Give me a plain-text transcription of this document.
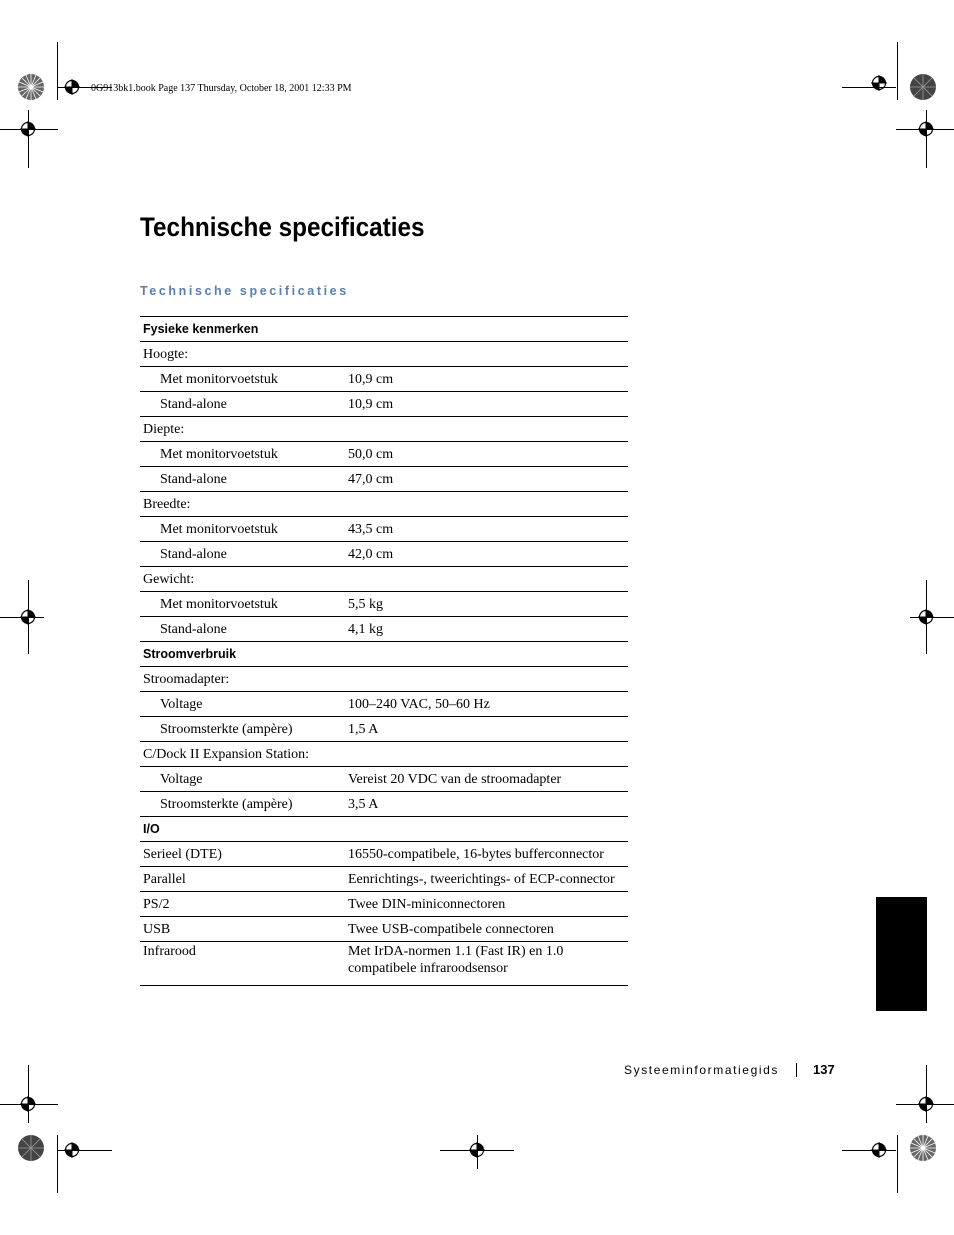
0G913bk1.book Page 137 Thursday, October 18, 2001 12:33 PM
Technische specificaties
Technische specificaties
Fysieke kenmerken	
Hoogte:	
Met monitorvoetstuk	10,9 cm
Stand-alone	10,9 cm
Diepte:	
Met monitorvoetstuk	50,0 cm
Stand-alone	47,0 cm
Breedte:	
Met monitorvoetstuk	43,5 cm
Stand-alone	42,0 cm
Gewicht:	
Met monitorvoetstuk	5,5 kg
Stand-alone	4,1 kg
Stroomverbruik	
Stroomadapter:	
Voltage	100–240 VAC, 50–60 Hz
Stroomsterkte (ampère)	1,5 A
C/Dock II Expansion Station:	
Voltage	Vereist 20 VDC van de stroomadapter
Stroomsterkte (ampère)	3,5 A
I/O	
Serieel (DTE)	16550-compatibele, 16-bytes bufferconnector
Parallel	Eenrichtings-, tweerichtings- of ECP-connector
PS/2	Twee DIN-miniconnectoren
USB	Twee USB-compatibele connectoren
Infrarood	Met IrDA-normen 1.1 (Fast IR) en 1.0 compatibele infraroodsensor
Systeeminformatiegids	137
